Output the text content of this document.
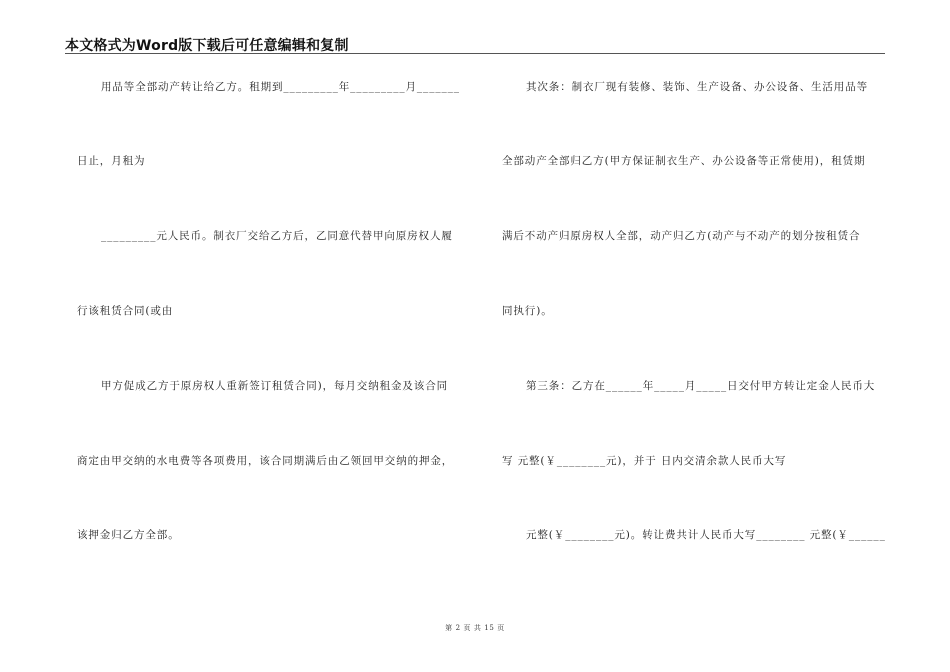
本文格式为Word版下载后可任意编辑和复制
用品等全部动产转让给乙方。租期到_________年_________月_______
日止，月租为
_________元人民币。制衣厂交给乙方后，乙同意代替甲向原房权人履
行该租赁合同(或由
甲方促成乙方于原房权人重新签订租赁合同)，每月交纳租金及该合同
商定由甲交纳的水电费等各项费用，该合同期满后由乙领回甲交纳的押金，
该押金归乙方全部。
其次条：制衣厂现有装修、装饰、生产设备、办公设备、生活用品等
全部动产全部归乙方(甲方保证制衣生产、办公设备等正常使用)，租赁期
满后不动产归原房权人全部，动产归乙方(动产与不动产的划分按租赁合
同执行)。
第三条：乙方在______年_____月_____日交付甲方转让定金人民币大
写 元整(￥________元)，并于 日内交清余款人民币大写
元整(￥________元)。转让费共计人民币大写________ 元整(￥______
第 2 页 共 15 页
